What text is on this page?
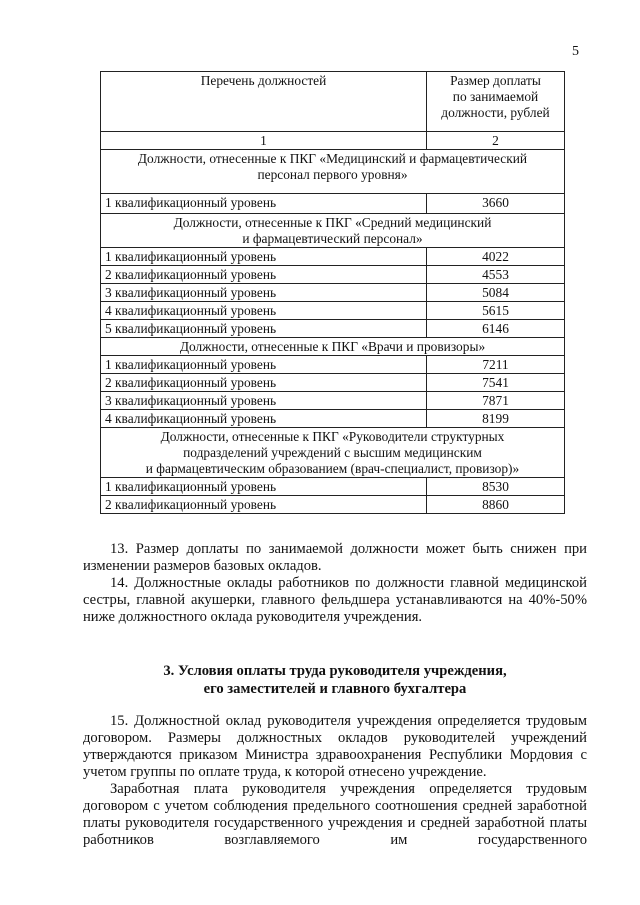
5
Перечень должностей	Размер доплаты
по занимаемой
должности, рублей

1	2

Должности, отнесенные к ПКГ «Медицинский и фармацевтический
персонал первого уровня»	

1 квалификационный уровень	3660

Должности, отнесенные к ПКГ «Средний медицинский
и фармацевтический персонал»	

1 квалификационный уровень	4022
2 квалификационный уровень	4553
3 квалификационный уровень	5084
4 квалификационный уровень	5615
5 квалификационный уровень	6146

Должности, отнесенные к ПКГ «Врачи и провизоры»	

1 квалификационный уровень	7211
2 квалификационный уровень	7541
3 квалификационный уровень	7871
4 квалификационный уровень	8199

Должности, отнесенные к ПКГ «Руководители структурных
подразделений учреждений с высшим медицинским
и фармацевтическим образованием (врач-специалист, провизор)»	

1 квалификационный уровень	8530
2 квалификационный уровень	8860

13. Размер доплаты по занимаемой должности может быть снижен при изменении размеров базовых окладов.

14. Должностные оклады работников по должности главной медицинской сестры, главной акушерки, главного фельдшера устанавливаются на 40%-50% ниже должностного оклада руководителя учреждения.

3. Условия оплаты труда руководителя учреждения,
его заместителей и главного бухгалтера

15. Должностной оклад руководителя учреждения определяется трудовым договором. Размеры должностных окладов руководителей учреждений утверждаются приказом Министра здравоохранения Республики Мордовия с учетом группы по оплате труда, к которой отнесено учреждение.

Заработная плата руководителя учреждения определяется трудовым договором с учетом соблюдения предельного соотношения средней заработной платы руководителя государственного учреждения и средней заработной платы работников возглавляемого им государственного
